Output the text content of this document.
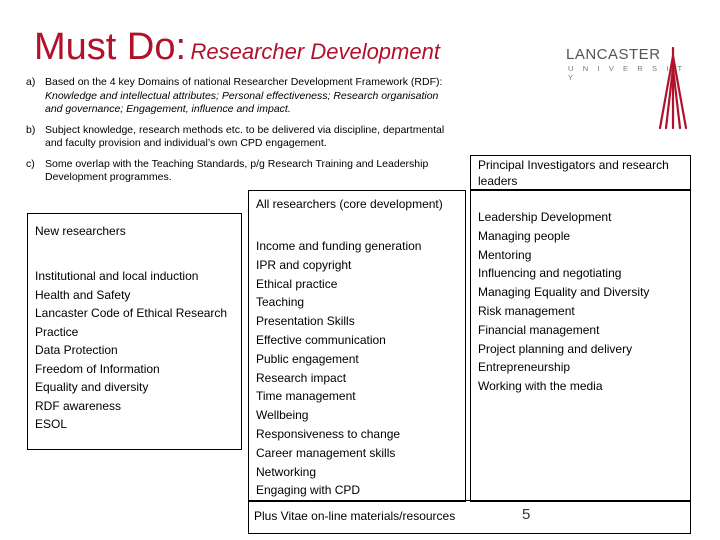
Must Do: Researcher Development	LANCASTER
U N I V E R S I T Y
a) Based on the 4 key Domains of national Researcher Development Framework (RDF): Knowledge and intellectual attributes; Personal effectiveness; Research organisation and governance; Engagement, influence and impact.
b) Subject knowledge, research methods etc. to be delivered via discipline, departmental and faculty provision and individual’s own CPD engagement.
c) Some overlap with the Teaching Standards, p/g Research Training and Leadership Development programmes.
Principal Investigators and research leaders
New researchers
Institutional and local induction
Health and Safety
Lancaster Code of Ethical Research
Practice
Data Protection
Freedom of Information
Equality and diversity
RDF awareness
ESOL
All researchers (core development)
Income and funding generation
IPR and copyright
Ethical practice
Teaching
Presentation Skills
Effective communication
Public engagement
Research impact
Time management
Wellbeing
Responsiveness to change
Career management skills
Networking
Engaging with CPD
Leadership Development
Managing people
Mentoring
Influencing and negotiating
Managing Equality and Diversity
Risk management
Financial management
Project planning and delivery
Entrepreneurship
Working with the media
Plus Vitae on-line materials/resources	5
